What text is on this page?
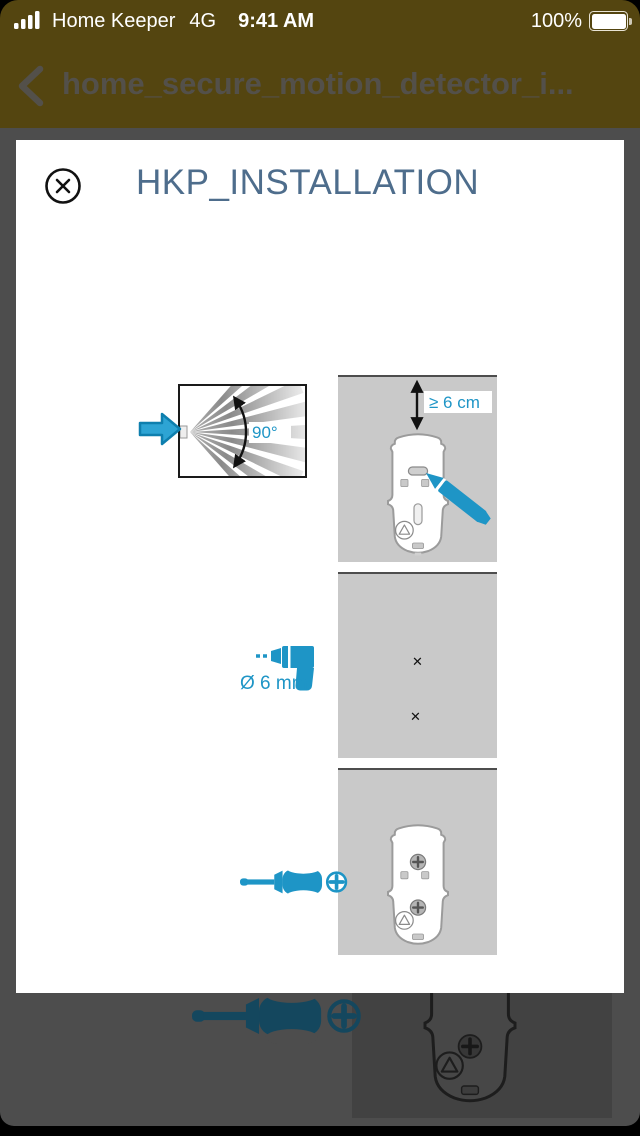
Home Keeper 4G 9:41 AM	100%
home_secure_motion_detector_i...
HKP_INSTALLATION
90°
≥ 6 cm
✕
✕
Ø 6 mm
